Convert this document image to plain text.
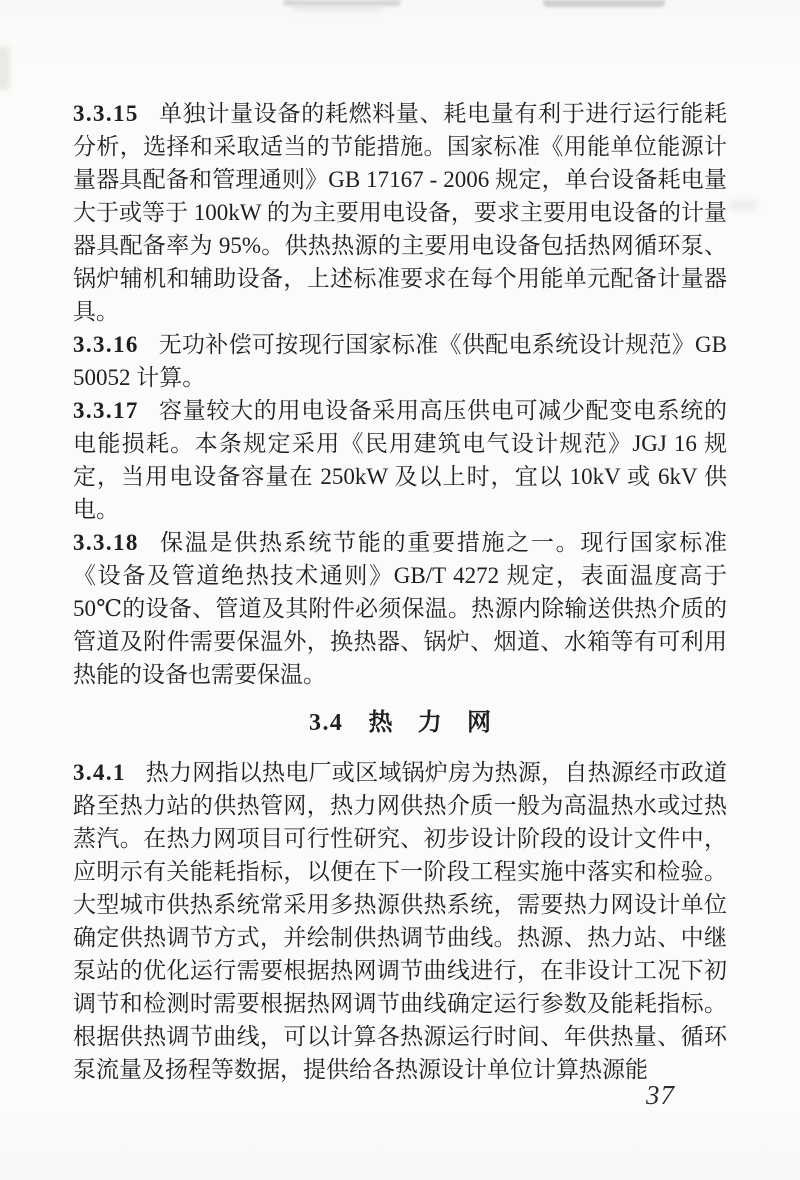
3.3.15 单独计量设备的耗燃料量、耗电量有利于进行运行能耗分析，选择和采取适当的节能措施。国家标准《用能单位能源计量器具配备和管理通则》GB 17167 - 2006 规定，单台设备耗电量大于或等于 100kW 的为主要用电设备，要求主要用电设备的计量器具配备率为 95%。供热热源的主要用电设备包括热网循环泵、锅炉辅机和辅助设备，上述标准要求在每个用能单元配备计量器具。

3.3.16 无功补偿可按现行国家标准《供配电系统设计规范》GB 50052 计算。

3.3.17 容量较大的用电设备采用高压供电可减少配变电系统的电能损耗。本条规定采用《民用建筑电气设计规范》JGJ 16 规定，当用电设备容量在 250kW 及以上时，宜以 10kV 或 6kV 供电。

3.3.18 保温是供热系统节能的重要措施之一。现行国家标准《设备及管道绝热技术通则》GB/T 4272 规定，表面温度高于50℃的设备、管道及其附件必须保温。热源内除输送供热介质的管道及附件需要保温外，换热器、锅炉、烟道、水箱等有可利用热能的设备也需要保温。

3.4 热力网

3.4.1 热力网指以热电厂或区域锅炉房为热源，自热源经市政道路至热力站的供热管网，热力网供热介质一般为高温热水或过热蒸汽。在热力网项目可行性研究、初步设计阶段的设计文件中，应明示有关能耗指标，以便在下一阶段工程实施中落实和检验。大型城市供热系统常采用多热源供热系统，需要热力网设计单位确定供热调节方式，并绘制供热调节曲线。热源、热力站、中继泵站的优化运行需要根据热网调节曲线进行，在非设计工况下初调节和检测时需要根据热网调节曲线确定运行参数及能耗指标。根据供热调节曲线，可以计算各热源运行时间、年供热量、循环泵流量及扬程等数据，提供给各热源设计单位计算热源能

37
